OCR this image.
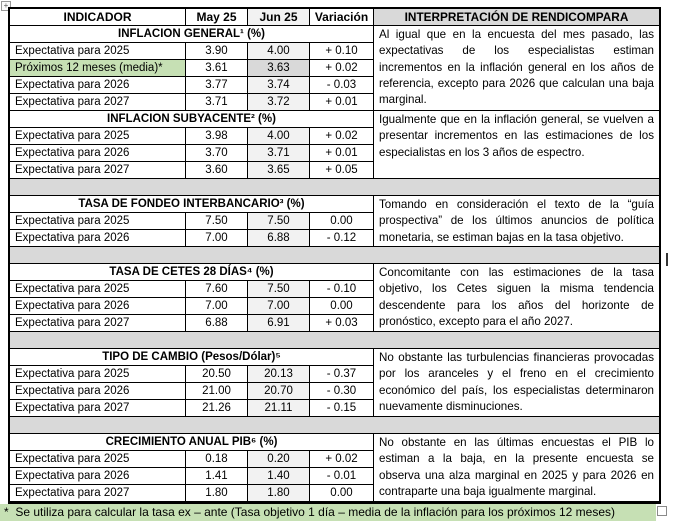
+
INDICADOR	May 25	Jun 25	Variación	INTERPRETACIÓN DE RENDICOMPARA
INFLACION GENERAL¹ (%)	Al igual que en la encuesta del mes pasado, las expectativas de los especialistas estiman incrementos en la inflación general en los años de referencia, excepto para 2026 que calculan una baja marginal.
Expectativa para 2025	3.90	4.00	+ 0.10
Próximos 12 meses (media)*	3.61	3.63	+ 0.02
Expectativa para 2026	3.77	3.74	- 0.03
Expectativa para 2027	3.71	3.72	+ 0.01
INFLACION SUBYACENTE² (%)	Igualmente que en la inflación general, se vuelven a presentar incrementos en las estimaciones de los especialistas en los 3 años de espectro.
Expectativa para 2025	3.98	4.00	+ 0.02
Expectativa para 2026	3.70	3.71	+ 0.01
Expectativa para 2027	3.60	3.65	+ 0.05
TASA DE FONDEO INTERBANCARIO³ (%)	Tomando en consideración el texto de la “guía prospectiva” de los últimos anuncios de política monetaria, se estiman bajas en la tasa objetivo.
Expectativa para 2025	7.50	7.50	0.00
Expectativa para 2026	7.00	6.88	- 0.12
TASA DE CETES 28 DÍAS⁴ (%)	Concomitante con las estimaciones de la tasa objetivo, los Cetes siguen la misma tendencia descendente para los años del horizonte de pronóstico, excepto para el año 2027.
Expectativa para 2025	7.60	7.50	- 0.10
Expectativa para 2026	7.00	7.00	0.00
Expectativa para 2027	6.88	6.91	+ 0.03
TIPO DE CAMBIO (Pesos/Dólar)⁵	No obstante las turbulencias financieras provocadas por los aranceles y el freno en el crecimiento económico del país, los especialistas determinaron nuevamente disminuciones.
Expectativa para 2025	20.50	20.13	- 0.37
Expectativa para 2026	21.00	20.70	- 0.30
Expectativa para 2027	21.26	21.11	- 0.15
CRECIMIENTO ANUAL PIB⁶ (%)	No obstante en las últimas encuestas el PIB lo estiman a la baja, en la presente encuesta se observa una alza marginal en 2025 y para 2026 en contraparte una baja igualmente marginal.
Expectativa para 2025	0.18	0.20	+ 0.02
Expectativa para 2026	1.41	1.40	- 0.01
Expectativa para 2027	1.80	1.80	0.00
*  Se utiliza para calcular la tasa ex – ante (Tasa objetivo 1 día – media de la inflación para los próximos 12 meses)
